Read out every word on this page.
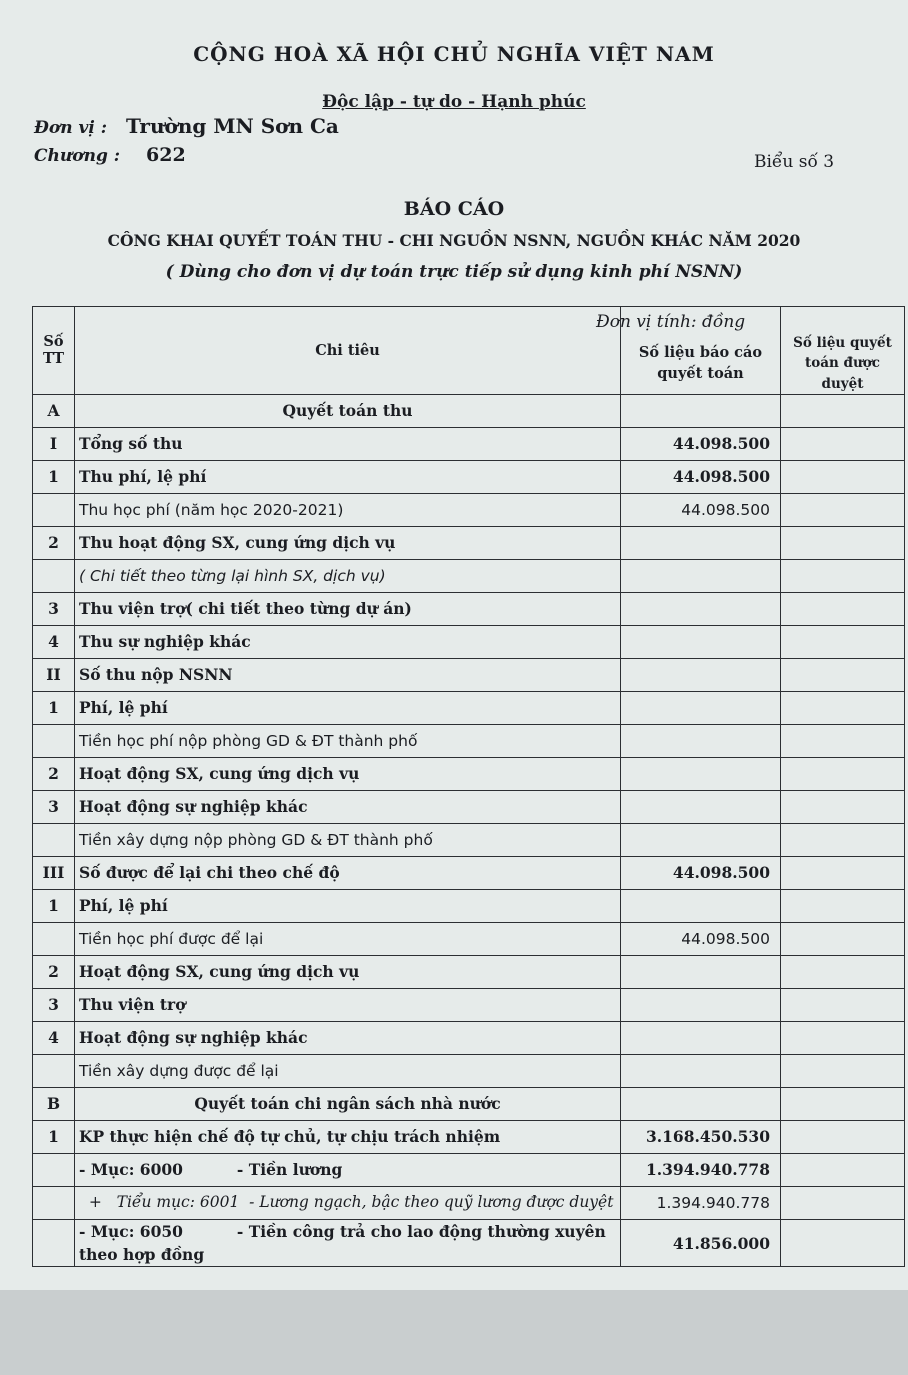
CỘNG HOÀ XÃ HỘI CHỦ NGHĨA VIỆT NAM
Độc lập - tự do - Hạnh phúc
Đơn vị : Trường MN Sơn Ca
Chương : 622	Biểu số 3
BÁO CÁO
CÔNG KHAI QUYẾT TOÁN THU - CHI NGUỒN NSNN, NGUỒN KHÁC NĂM 2020
( Dùng cho đơn vị dự toán trực tiếp sử dụng kinh phí NSNN)
Đơn vị tính: đồng
Số TT	Chi tiêu	Số liệu báo cáo quyết toán	Số liệu quyết toán được duyệt
A	Quyết toán thu		
I	Tổng số thu	44.098.500	
1	Thu phí, lệ phí	44.098.500	
	Thu học phí (năm học 2020-2021)	44.098.500	
2	Thu hoạt động SX, cung ứng dịch vụ		
	( Chi tiết theo từng lại hình SX, dịch vụ)		
3	Thu viện trợ( chi tiết theo từng dự án)		
4	Thu sự nghiệp khác		
II	Số thu nộp NSNN		
1	Phí, lệ phí		
	Tiền học phí nộp phòng GD & ĐT thành phố		
2	Hoạt động SX, cung ứng dịch vụ		
3	Hoạt động sự nghiệp khác		
	Tiền xây dựng nộp phòng GD & ĐT thành phố		
III	Số được để lại chi theo chế độ	44.098.500	
1	Phí, lệ phí		
	Tiền học phí được để lại	44.098.500	
2	Hoạt động SX, cung ứng dịch vụ		
3	Thu viện trợ		
4	Hoạt động sự nghiệp khác		
	Tiền xây dựng được để lại		
B	Quyết toán chi ngân sách nhà nước		
1	KP thực hiện chế độ tự chủ, tự chịu trách nhiệm	3.168.450.530	
	- Mục: 6000          - Tiền lương	1.394.940.778	
	+   Tiểu mục: 6001  - Lương ngạch, bậc theo quỹ lương được duyệt	1.394.940.778	
	- Mục: 6050          - Tiền công trả cho lao động thường xuyên theo hợp đồng	41.856.000	
